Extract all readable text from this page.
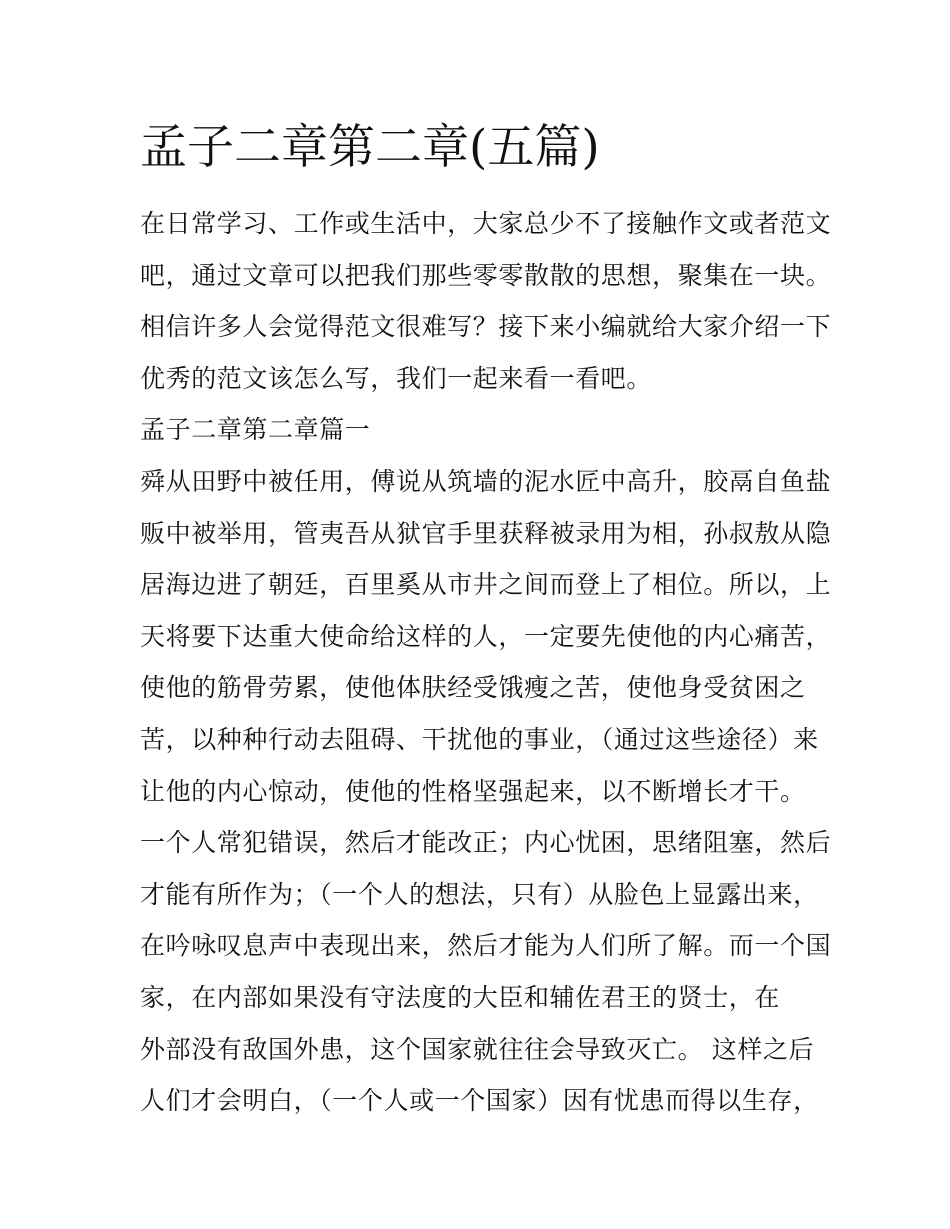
孟子二章第二章(五篇)
在日常学习、工作或生活中，大家总少不了接触作文或者范文
吧，通过文章可以把我们那些零零散散的思想，聚集在一块。
相信许多人会觉得范文很难写？接下来小编就给大家介绍一下
优秀的范文该怎么写，我们一起来看一看吧。
孟子二章第二章篇一
舜从田野中被任用，傅说从筑墙的泥水匠中高升，胶鬲自鱼盐
贩中被举用，管夷吾从狱官手里获释被录用为相，孙叔敖从隐
居海边进了朝廷，百里奚从市井之间而登上了相位。所以，上
天将要下达重大使命给这样的人，一定要先使他的内心痛苦，
使他的筋骨劳累，使他体肤经受饿瘦之苦，使他身受贫困之
苦，以种种行动去阻碍、干扰他的事业，（通过这些途径）来
让他的内心惊动，使他的性格坚强起来，以不断增长才干。
一个人常犯错误，然后才能改正；内心忧困，思绪阻塞，然后
才能有所作为；（一个人的想法，只有）从脸色上显露出来，
在吟咏叹息声中表现出来，然后才能为人们所了解。而一个国
家，在内部如果没有守法度的大臣和辅佐君王的贤士，在
外部没有敌国外患，这个国家就往往会导致灭亡。 这样之后
人们才会明白，（一个人或一个国家）因有忧患而得以生存，
